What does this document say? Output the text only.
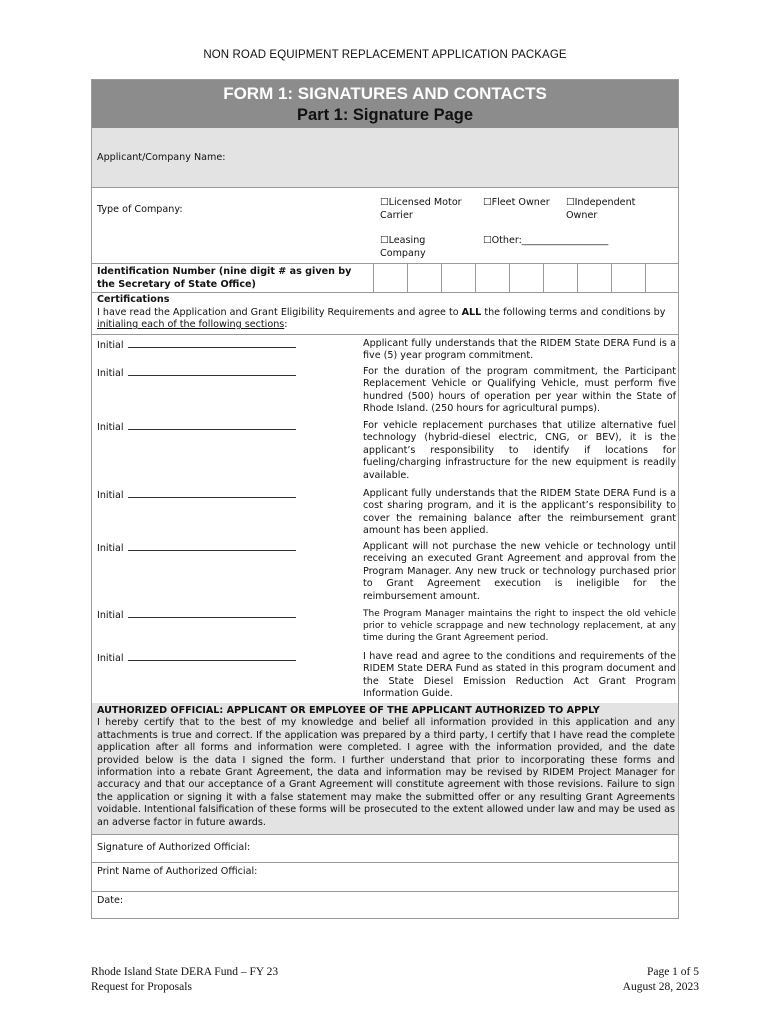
NON ROAD EQUIPMENT REPLACEMENT APPLICATION PACKAGE
FORM 1: SIGNATURES AND CONTACTS
Part 1: Signature Page
Applicant/Company Name:
Type of Company:
☐Licensed Motor Carrier
☐Fleet Owner	☐Independent Owner
☐Leasing Company
☐Other:__________________
Identification Number (nine digit # as given by the Secretary of State Office)
Certifications
I have read the Application and Grant Eligibility Requirements and agree to ALL the following terms and conditions by initialing each of the following sections:
Initial	Applicant fully understands that the RIDEM State DERA Fund is a five (5) year program commitment.
Initial	For the duration of the program commitment, the Participant Replacement Vehicle or Qualifying Vehicle, must perform five hundred (500) hours of operation per year within the State of Rhode Island. (250 hours for agricultural pumps).
Initial	For vehicle replacement purchases that utilize alternative fuel technology (hybrid-diesel electric, CNG, or BEV), it is the applicant’s responsibility to identify if locations for fueling/charging infrastructure for the new equipment is readily available.
Initial	Applicant fully understands that the RIDEM State DERA Fund is a cost sharing program, and it is the applicant’s responsibility to cover the remaining balance after the reimbursement grant amount has been applied.
Initial	Applicant will not purchase the new vehicle or technology until receiving an executed Grant Agreement and approval from the Program Manager. Any new truck or technology purchased prior to Grant Agreement execution is ineligible for the reimbursement amount.
Initial	The Program Manager maintains the right to inspect the old vehicle prior to vehicle scrappage and new technology replacement, at any time during the Grant Agreement period.
Initial	I have read and agree to the conditions and requirements of the RIDEM State DERA Fund as stated in this program document and the State Diesel Emission Reduction Act Grant Program Information Guide.
AUTHORIZED OFFICIAL: APPLICANT OR EMPLOYEE OF THE APPLICANT AUTHORIZED TO APPLY
I hereby certify that to the best of my knowledge and belief all information provided in this application and any attachments is true and correct. If the application was prepared by a third party, I certify that I have read the complete application after all forms and information were completed. I agree with the information provided, and the date provided below is the data I signed the form. I further understand that prior to incorporating these forms and information into a rebate Grant Agreement, the data and information may be revised by RIDEM Project Manager for accuracy and that our acceptance of a Grant Agreement will constitute agreement with those revisions. Failure to sign the application or signing it with a false statement may make the submitted offer or any resulting Grant Agreements voidable. Intentional falsification of these forms will be prosecuted to the extent allowed under law and may be used as an adverse factor in future awards.
Signature of Authorized Official:
Print Name of Authorized Official:
Date:
Rhode Island State DERA Fund – FY 23
Request for Proposals
Page 1 of 5
August 28, 2023
